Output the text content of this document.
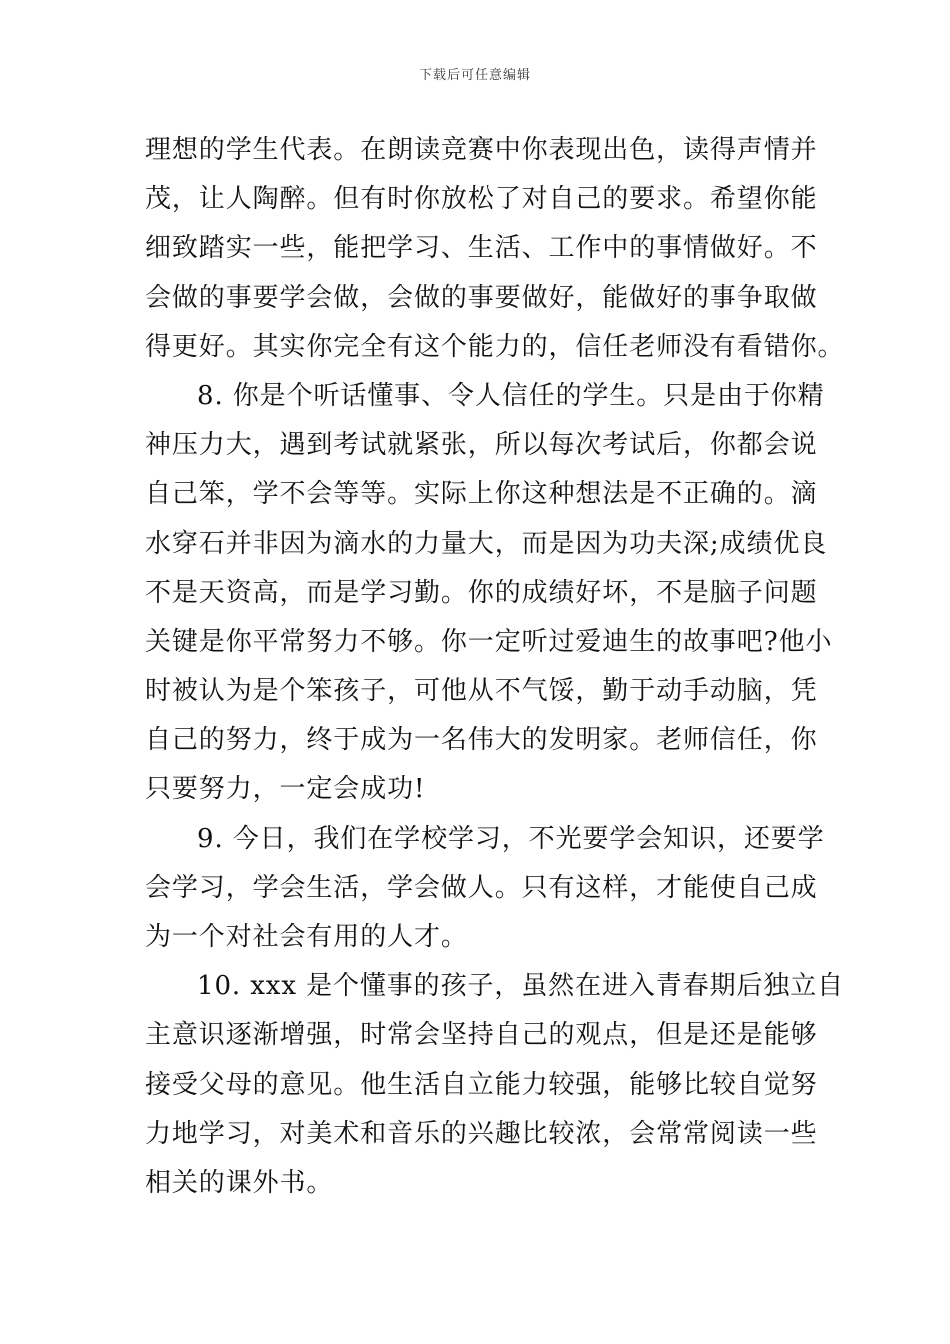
下载后可任意编辑
理想的学生代表。在朗读竞赛中你表现出色，读得声情并
茂，让人陶醉。但有时你放松了对自己的要求。希望你能
细致踏实一些，能把学习、生活、工作中的事情做好。不
会做的事要学会做，会做的事要做好，能做好的事争取做
得更好。其实你完全有这个能力的，信任老师没有看错你。
8. 你是个听话懂事、令人信任的学生。只是由于你精
神压力大，遇到考试就紧张，所以每次考试后，你都会说
自己笨，学不会等等。实际上你这种想法是不正确的。滴
水穿石并非因为滴水的力量大，而是因为功夫深;成绩优良
不是天资高，而是学习勤。你的成绩好坏，不是脑子问题
关键是你平常努力不够。你一定听过爱迪生的故事吧?他小
时被认为是个笨孩子，可他从不气馁，勤于动手动脑，凭
自己的努力，终于成为一名伟大的发明家。老师信任，你
只要努力，一定会成功!
9. 今日，我们在学校学习，不光要学会知识，还要学
会学习，学会生活，学会做人。只有这样，才能使自己成
为一个对社会有用的人才。
10. xxx 是个懂事的孩子，虽然在进入青春期后独立自
主意识逐渐增强，时常会坚持自己的观点，但是还是能够
接受父母的意见。他生活自立能力较强，能够比较自觉努
力地学习，对美术和音乐的兴趣比较浓，会常常阅读一些
相关的课外书。
